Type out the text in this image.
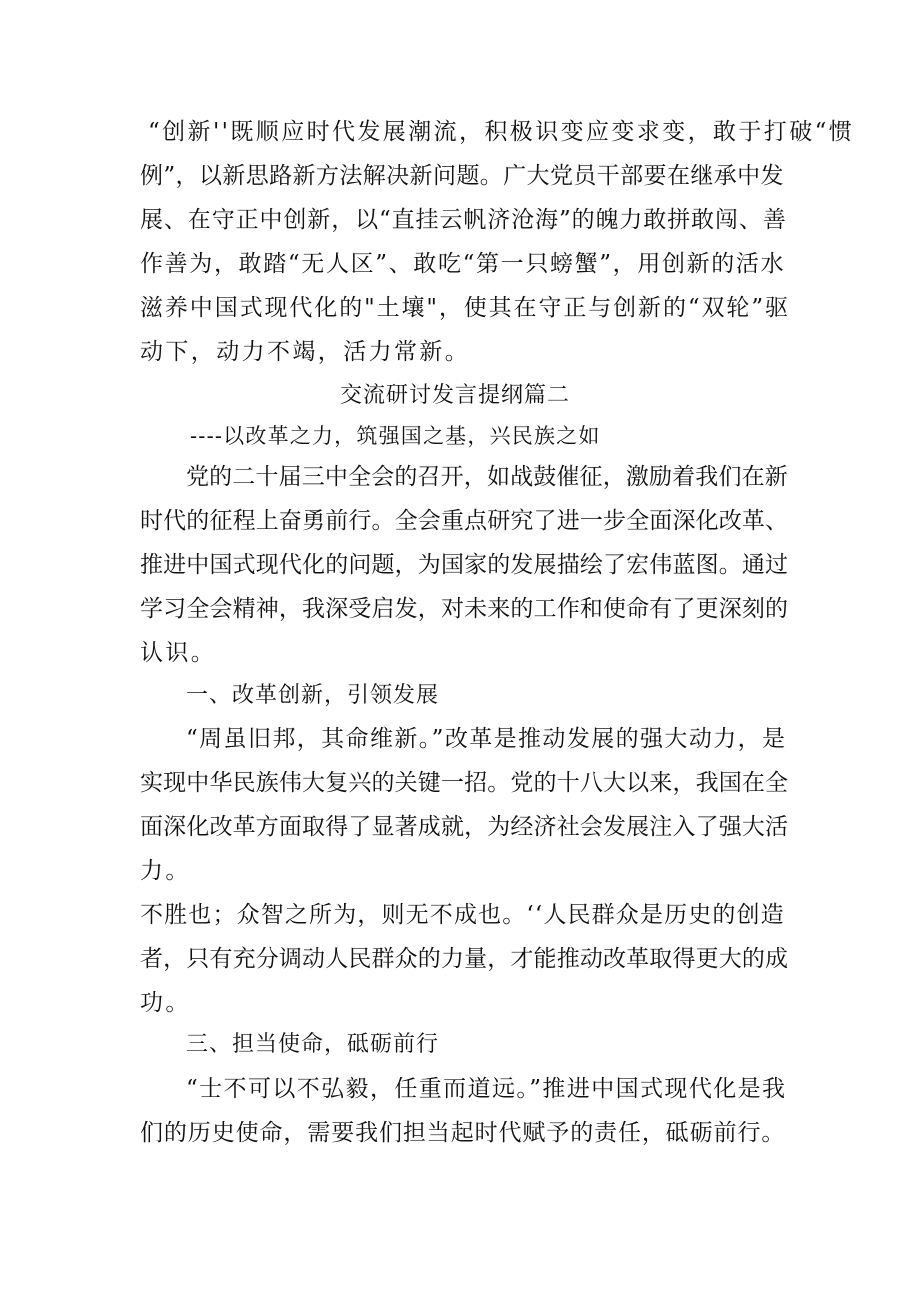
“创新''既顺应时代发展潮流，积极识变应变求变，敢于打破“惯
例”，以新思路新方法解决新问题。广大党员干部要在继承中发
展、在守正中创新，以“直挂云帆济沧海”的魄力敢拼敢闯、善
作善为，敢踏“无人区”、敢吃“第一只螃蟹”，用创新的活水
滋养中国式现代化的"土壤"，使其在守正与创新的“双轮”驱
动下，动力不竭，活力常新。
交流研讨发言提纲篇二
----以改革之力，筑强国之基，兴民族之如
党的二十届三中全会的召开，如战鼓催征，激励着我们在新
时代的征程上奋勇前行。全会重点研究了进一步全面深化改革、
推进中国式现代化的问题，为国家的发展描绘了宏伟蓝图。通过
学习全会精神，我深受启发，对未来的工作和使命有了更深刻的
认识。
一、改革创新，引领发展
“周虽旧邦，其命维新。”改革是推动发展的强大动力，是
实现中华民族伟大复兴的关键一招。党的十八大以来，我国在全
面深化改革方面取得了显著成就，为经济社会发展注入了强大活
力。
不胜也；众智之所为，则无不成也。‘‘人民群众是历史的创造
者，只有充分调动人民群众的力量，才能推动改革取得更大的成
功。
三、担当使命，砥砺前行
“士不可以不弘毅，任重而道远。”推进中国式现代化是我
们的历史使命，需要我们担当起时代赋予的责任，砥砺前行。
